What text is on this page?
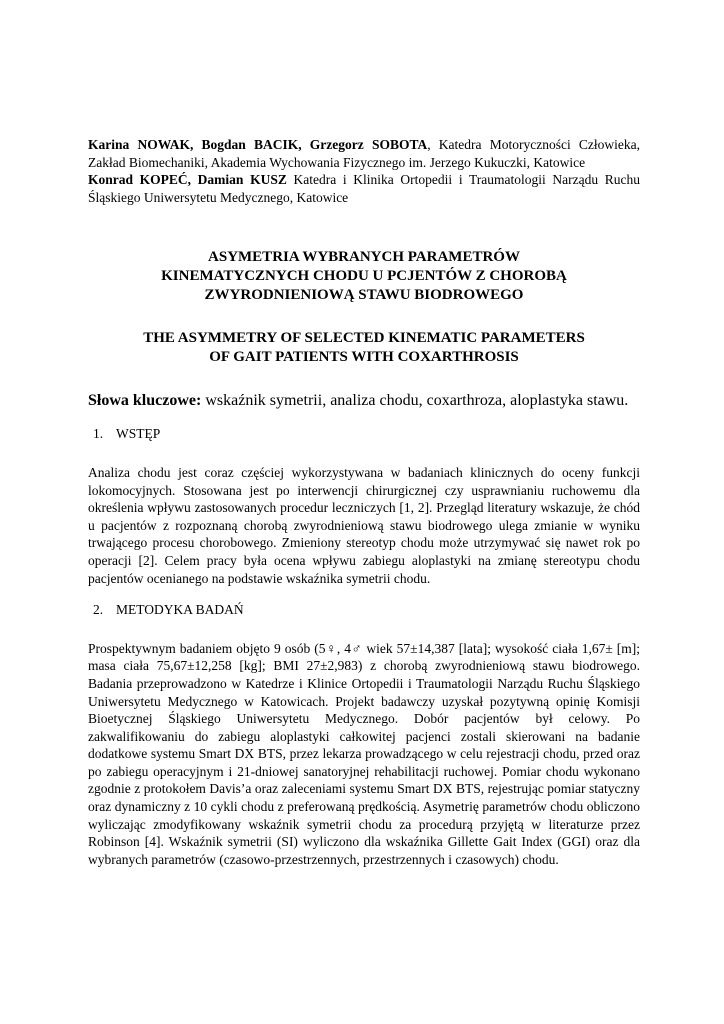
Karina NOWAK, Bogdan BACIK, Grzegorz SOBOTA, Katedra Motoryczności Człowieka, Zakład Biomechaniki, Akademia Wychowania Fizycznego im. Jerzego Kukuczki, Katowice
Konrad KOPEĆ, Damian KUSZ Katedra i Klinika Ortopedii i Traumatologii Narządu Ruchu Śląskiego Uniwersytetu Medycznego, Katowice

ASYMETRIA WYBRANYCH PARAMETRÓW
KINEMATYCZNYCH CHODU U PCJENTÓW Z CHOROBĄ
ZWYRODNIENIOWĄ STAWU BIODROWEGO
THE ASYMMETRY OF SELECTED KINEMATIC PARAMETERS
OF GAIT PATIENTS WITH COXARTHROSIS

Słowa kluczowe: wskaźnik symetrii, analiza chodu, coxarthroza, aloplastyka stawu.

1. WSTĘP

Analiza chodu jest coraz częściej wykorzystywana w badaniach klinicznych do oceny funkcji lokomocyjnych. Stosowana jest po interwencji chirurgicznej czy usprawnianiu ruchowemu dla określenia wpływu zastosowanych procedur leczniczych [1, 2]. Przegląd literatury wskazuje, że chód u pacjentów z rozpoznaną chorobą zwyrodnieniową stawu biodrowego ulega zmianie w wyniku trwającego procesu chorobowego. Zmieniony stereotyp chodu może utrzymywać się nawet rok po operacji [2]. Celem pracy była ocena wpływu zabiegu aloplastyki na zmianę stereotypu chodu pacjentów ocenianego na podstawie wskaźnika symetrii chodu.

2. METODYKA BADAŃ

Prospektywnym badaniem objęto 9 osób (5♀, 4♂ wiek 57±14,387 [lata]; wysokość ciała 1,67± [m]; masa ciała 75,67±12,258 [kg]; BMI 27±2,983) z chorobą zwyrodnieniową stawu biodrowego. Badania przeprowadzono w Katedrze i Klinice Ortopedii i Traumatologii Narządu Ruchu Śląskiego Uniwersytetu Medycznego w Katowicach. Projekt badawczy uzyskał pozytywną opinię Komisji Bioetycznej Śląskiego Uniwersytetu Medycznego. Dobór pacjentów był celowy. Po zakwalifikowaniu do zabiegu aloplastyki całkowitej pacjenci zostali skierowani na badanie dodatkowe systemu Smart DX BTS, przez lekarza prowadzącego w celu rejestracji chodu, przed oraz po zabiegu operacyjnym i 21-dniowej sanatoryjnej rehabilitacji ruchowej. Pomiar chodu wykonano zgodnie z protokołem Davis’a oraz zaleceniami systemu Smart DX BTS, rejestrując pomiar statyczny oraz dynamiczny z 10 cykli chodu z preferowaną prędkością. Asymetrię parametrów chodu obliczono wyliczając zmodyfikowany wskaźnik symetrii chodu za procedurą przyjętą w literaturze przez Robinson [4]. Wskaźnik symetrii (SI) wyliczono dla wskaźnika Gillette Gait Index (GGI) oraz dla wybranych parametrów (czasowo-przestrzennych, przestrzennych i czasowych) chodu.
